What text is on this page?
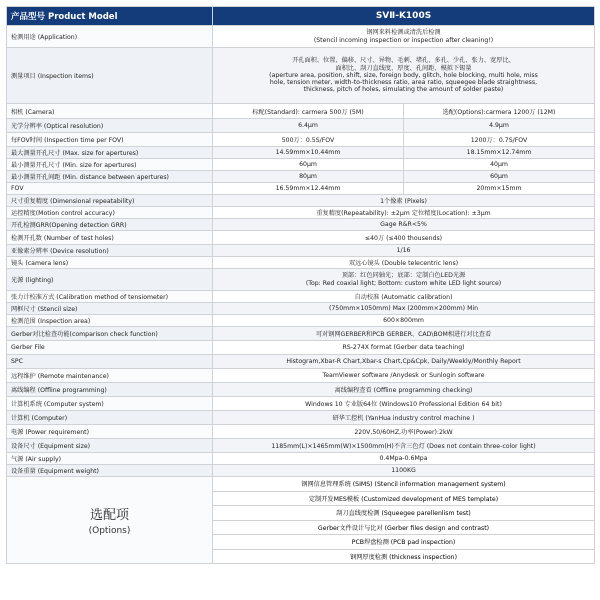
产品型号 Product Model	SVⅡ-K100S	
检测用途 (Application)	钢网来料检测或清洗后检测
(Stencil incoming inspection or inspection after cleaning!)	
测量项目 (Inspection items)	开孔面积、位置、偏移、尺寸、异物、毛刺、堵孔、多孔、少孔、张力、宽厚比、
面积比、刮刀直线度、厚度、孔间距、模拟下锡量
(aperture area, position, shift, size, foreign body, glitch, hole blocking, multi hole, miss
hole, tension meter, width-to-thickness ratio, area ratio, squeegee blade straightness,
thickness, pitch of holes, simulating the amount of solder paste)	
相机 (Camera)	标配(Standard): carmera 500万 (5M)	选配(Options):carmera 1200万 (12M)
光学分辨率 (Optical resolution)	6.4μm	4.9μm
每FOV时间 (Inspection time per FOV)	500万：0.5S/FOV	1200万：0.7S/FOV
最大测量开孔尺寸 (Max. size for apertures)	14.59mm×10.44mm	18.15mm×12.74mm
最小测量开孔尺寸 (Min. size for apertures)	60μm	40μm
最小测量开孔间距 (Min. distance between apertures)	80μm	60μm
FOV	16.59mm×12.44mm	20mm×15mm
尺寸重复精度 (Dimensional repeatability)	1个像素 (Pixels)	
运控精度(Motion control accuracy)	重复精度(Repeatability): ±2μm 定位精度(Location): ±3μm	
开孔检测GRR(Opening detection GRR)	Gage R&R<5%	
检测开孔数 (Number of test holes)	≤40万 (≤400 thousends)	
亚像素分辨率 (Device resolution)	1/16	
镜头 (camera lens)	双远心镜头 (Double telecentric lens)	
光源 (lighting)	顶部：红色同轴光；底部：定制白色LED光源
(Top: Red coaxial light; Bottom: custom white LED light source)	
张力计校准方式 (Calibration method of tensiometer)	自动校准 (Automatic calibration)	
网框尺寸 (Stencil size)	(750mm×1050mm) Max (200mm×200mm) Min	
检测范围 (Inspection area)	600×800mm	
Gerber对比检查功能(comparison check function)	可对钢网GERBER和PCB GERBER、CAD\BOM相进行对比查看	
Gerber File	RS-274X format (Gerber data teaching)	
SPC	Histogram,Xbar-R Chart,Xbar-s Chart,Cp&Cpk, Daily/Weekly/Monthly Report	
远程维护 (Remote maintenance)	TeamViewer software /Anydesk or Sunlogin software	
离线编程 (Offline programming)	离线编程查看 (Offline programming checking)	
计算机系统 (Computer system)	Windows 10 专业版64位 (Windows10 Professional Edition 64 bit)	
计算机 (Computer)	研华工控机 (YanHua industry control machine )	
电源 (Power requirement)	220V,50/60HZ,功率(Power):2kW	
设备尺寸 (Equipment size)	1185mm(L)×1465mm(W)×1500mm(H)不含三色灯 (Does not contain three-color light)	
气源 (Air supply)	0.4Mpa-0.6Mpa	
设备重量 (Equipment weight)	1100KG	

选配项
(Options)	钢网信息管理系统 (SIMS) (Stencil information management system)	
	定制开发MES模板 (Customized development of MES template)	
	刮刀直线度检测 (Squeegee parellenlism test)	
	Gerber文件设计与比对 (Gerber files design and contrast)	
	PCB焊盘检测 (PCB pad inspection)	
	钢网厚度检测 (thickness inspection)	
